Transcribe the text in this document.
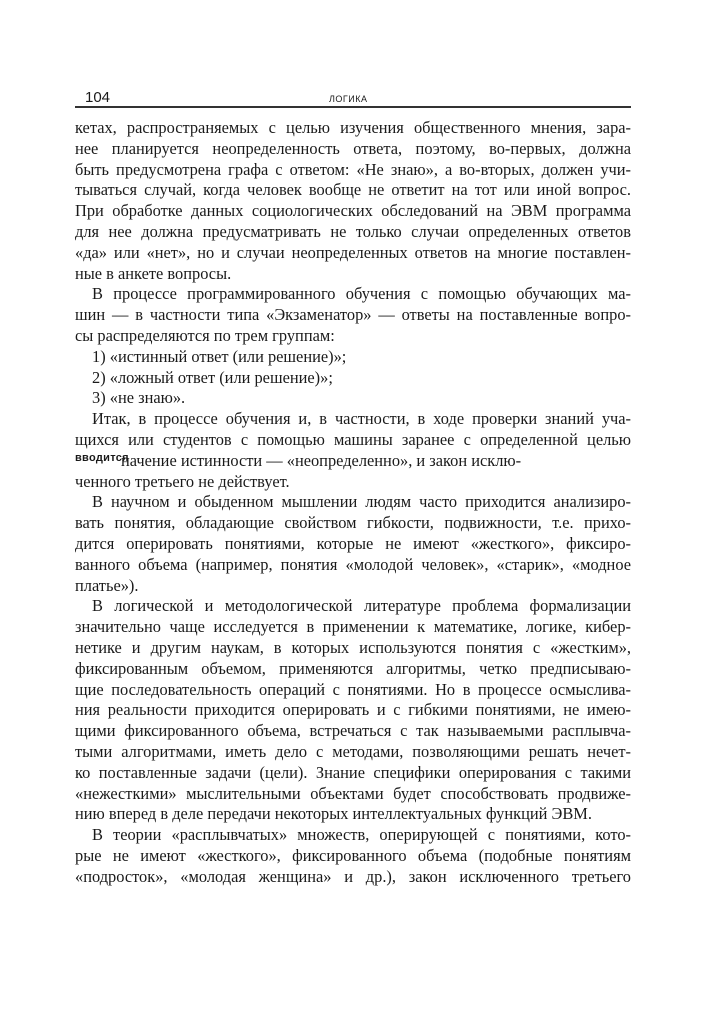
104	ЛОГИКА
кетах, распространяемых с целью изучения общественного мнения, зара-
нее планируется неопределенность ответа, поэтому, во-первых, должна
быть предусмотрена графа с ответом: «Не знаю», а во-вторых, должен учи-
тываться случай, когда человек вообще не ответит на тот или иной вопрос.
При обработке данных социологических обследований на ЭВМ программа
для нее должна предусматривать не только случаи определенных ответов
«да» или «нет», но и случаи неопределенных ответов на многие поставлен-
ные в анкете вопросы.
В процессе программированного обучения с помощью обучающих ма-
шин — в частности типа «Экзаменатор» — ответы на поставленные вопро-
сы распределяются по трем группам:
1) «истинный ответ (или решение)»;
2) «ложный ответ (или решение)»;
3) «не знаю».
Итак, в процессе обучения и, в частности, в ходе проверки знаний уча-
щихся или студентов с помощью машины заранее с определенной целью
вводится
начение истинности — «неопределенно», и закон исклю-
ченного третьего не действует.
В научном и обыденном мышлении людям часто приходится анализиро-
вать понятия, обладающие свойством гибкости, подвижности, т.е. прихо-
дится оперировать понятиями, которые не имеют «жесткого», фиксиро-
ванного объема (например, понятия «молодой человек», «старик», «модное
платье»).
В логической и методологической литературе проблема формализации
значительно чаще исследуется в применении к математике, логике, кибер-
нетике и другим наукам, в которых используются понятия с «жестким»,
фиксированным объемом, применяются алгоритмы, четко предписываю-
щие последовательность операций с понятиями. Но в процессе осмыслива-
ния реальности приходится оперировать и с гибкими понятиями, не имею-
щими фиксированного объема, встречаться с так называемыми расплывча-
тыми алгоритмами, иметь дело с методами, позволяющими решать нечет-
ко поставленные задачи (цели). Знание специфики оперирования с такими
«нежесткими» мыслительными объектами будет способствовать продвиже-
нию вперед в деле передачи некоторых интеллектуальных функций ЭВМ.
В теории «расплывчатых» множеств, оперирующей с понятиями, кото-
рые не имеют «жесткого», фиксированного объема (подобные понятиям
«подросток», «молодая женщина» и др.), закон исключенного третьего
